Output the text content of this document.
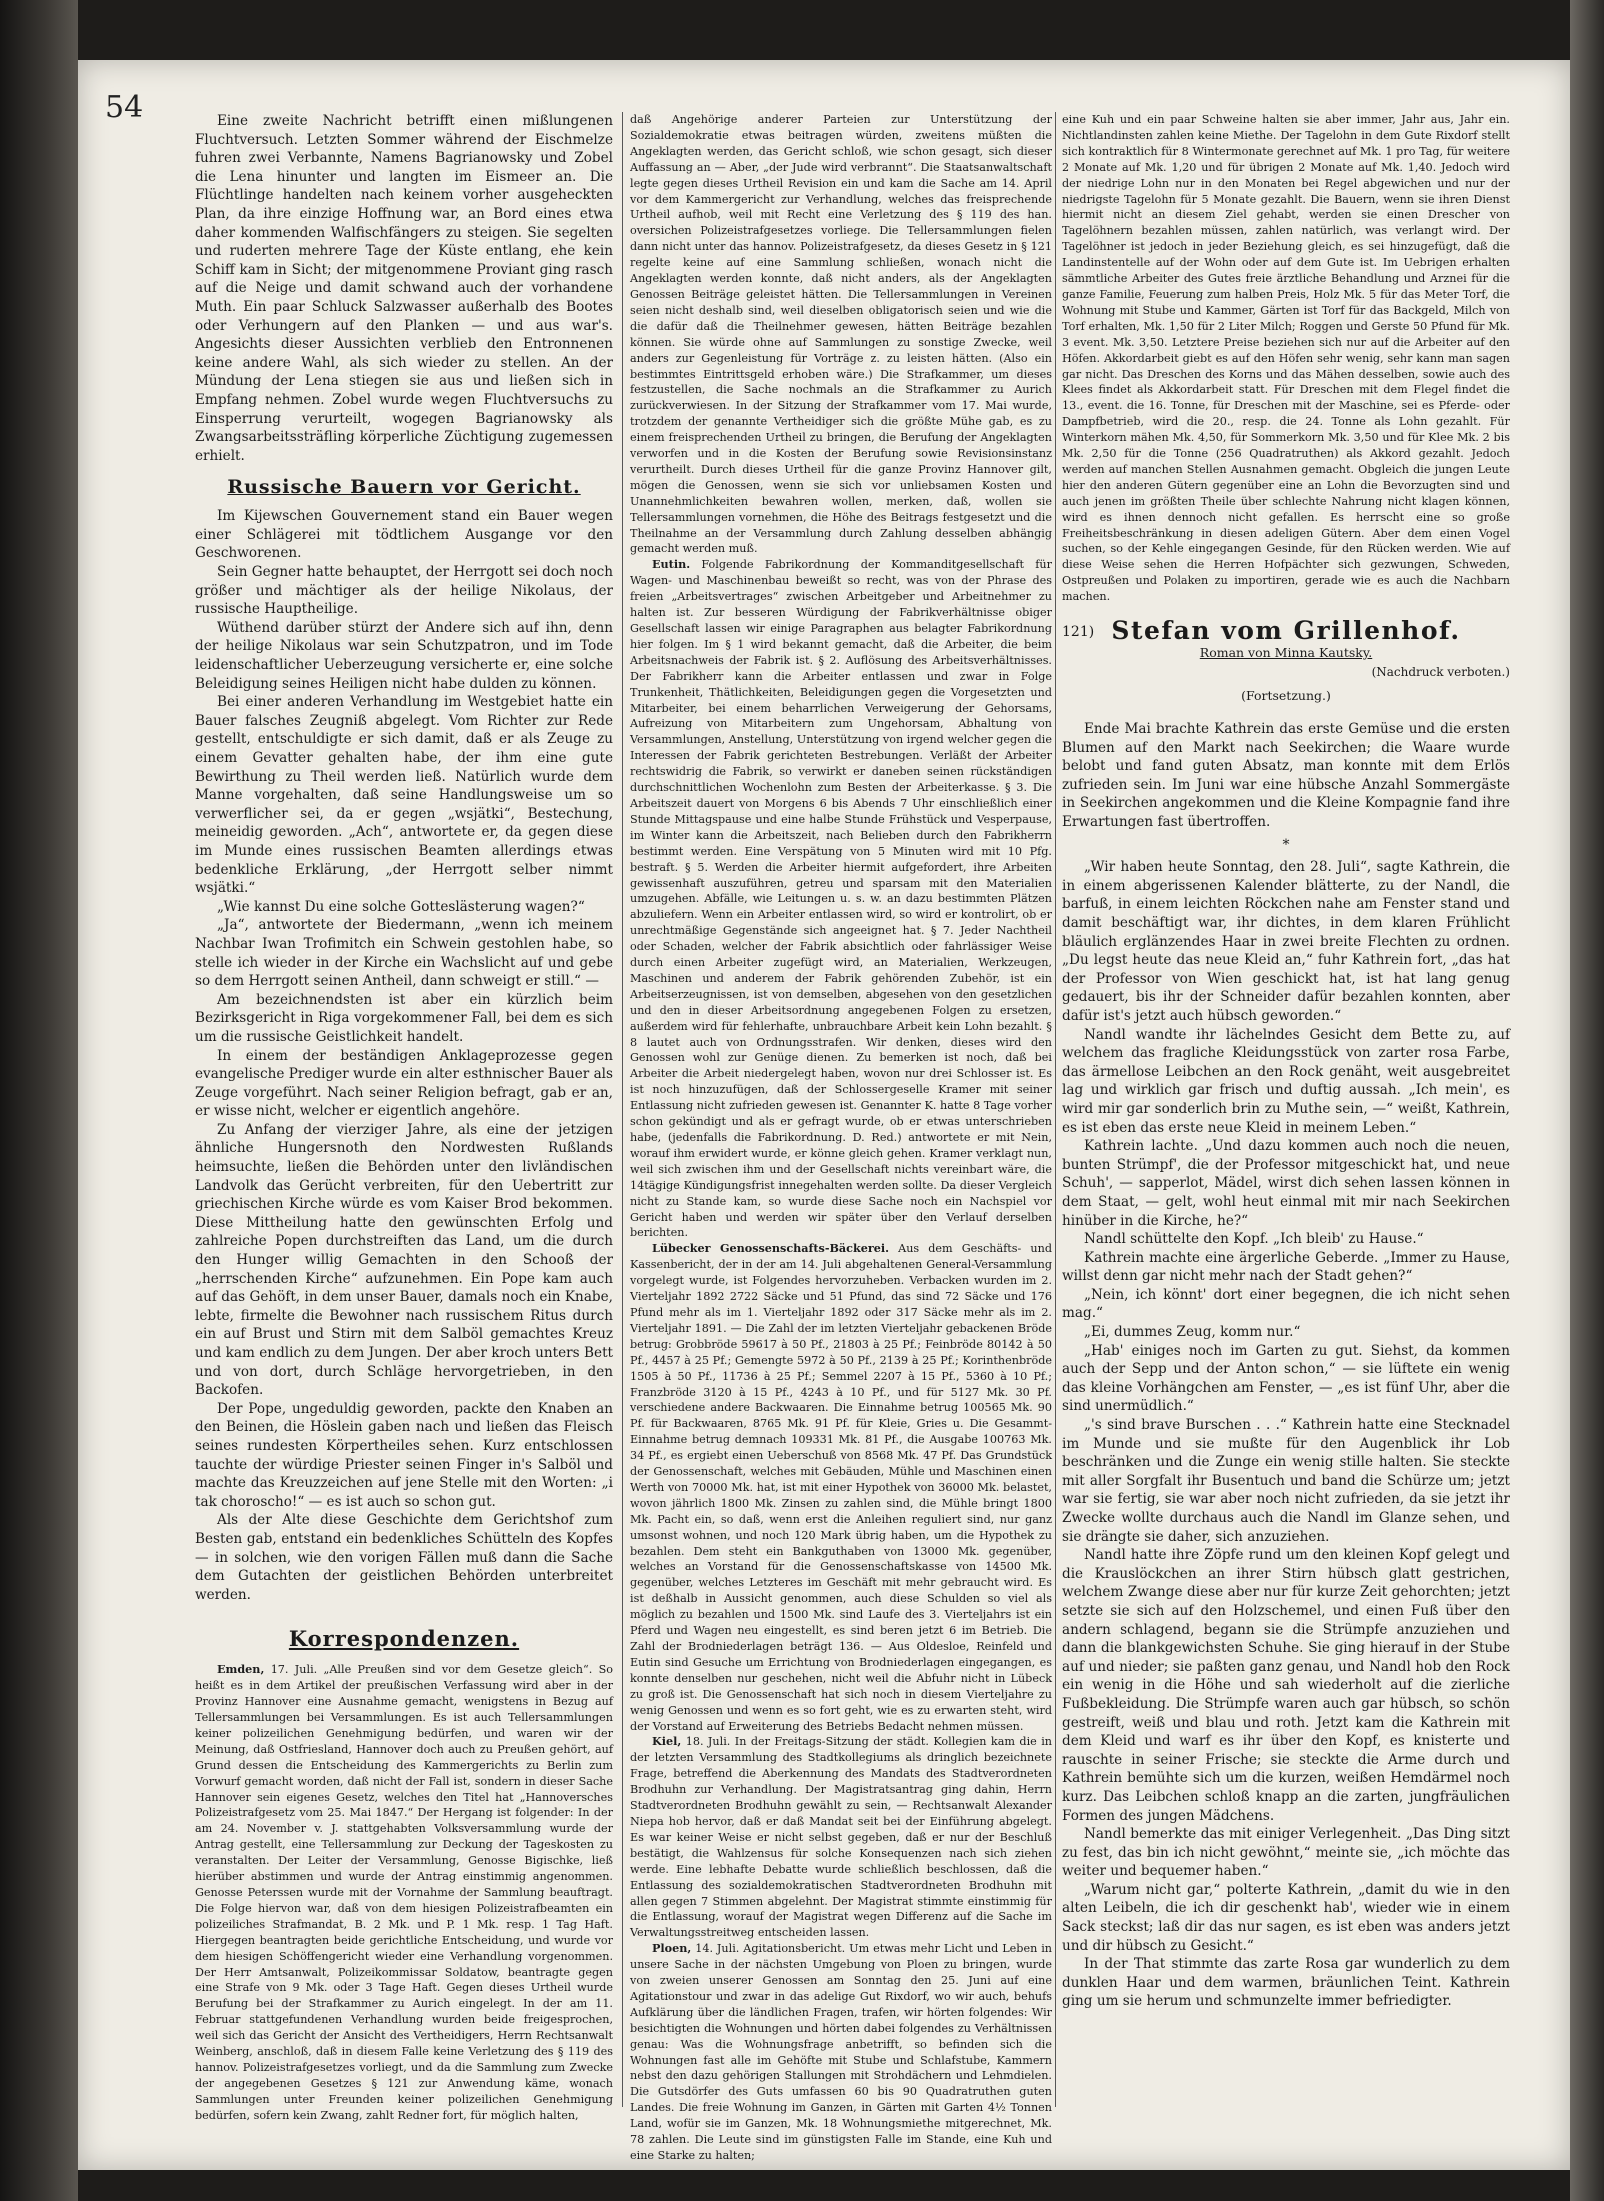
54	Eine zweite Nachricht betrifft einen mißlungenen Fluchtversuch. Letzten Sommer während der Eischmelze fuhren zwei Verbannte, Namens Bagrianowsky und Zobel die Lena hinunter und langten im Eismeer an. Die Flüchtlinge handelten nach keinem vorher ausgeheckten Plan, da ihre einzige Hoffnung war, an Bord eines etwa daher kommenden Walfischfängers zu steigen. Sie segelten und ruderten mehrere Tage der Küste entlang, ehe kein Schiff kam in Sicht; der mitgenommene Proviant ging rasch auf die Neige und damit schwand auch der vorhandene Muth. Ein paar Schluck Salzwasser außerhalb des Bootes oder Verhungern auf den Planken — und aus war's. Angesichts dieser Aussichten verblieb den Entronnenen keine andere Wahl, als sich wieder zu stellen. An der Mündung der Lena stiegen sie aus und ließen sich in Empfang nehmen. Zobel wurde wegen Fluchtversuchs zu Einsperrung verurteilt, wogegen Bagrianowsky als Zwangsarbeitssträfling körperliche Züchtigung zugemessen erhielt.

Russische Bauern vor Gericht.

Im Kijewschen Gouvernement stand ein Bauer wegen einer Schlägerei mit tödtlichem Ausgange vor den Geschworenen.

Sein Gegner hatte behauptet, der Herrgott sei doch noch größer und mächtiger als der heilige Nikolaus, der russische Hauptheilige.

Wüthend darüber stürzt der Andere sich auf ihn, denn der heilige Nikolaus war sein Schutzpatron, und im Tode leidenschaftlicher Ueberzeugung versicherte er, eine solche Beleidigung seines Heiligen nicht habe dulden zu können.

Bei einer anderen Verhandlung im Westgebiet hatte ein Bauer falsches Zeugniß abgelegt. Vom Richter zur Rede gestellt, entschuldigte er sich damit, daß er als Zeuge zu einem Gevatter gehalten habe, der ihm eine gute Bewirthung zu Theil werden ließ. Natürlich wurde dem Manne vorgehalten, daß seine Handlungsweise um so verwerflicher sei, da er gegen „wsjätki“, Bestechung, meineidig geworden. „Ach“, antwortete er, da gegen diese im Munde eines russischen Beamten allerdings etwas bedenkliche Erklärung, „der Herrgott selber nimmt wsjätki.“

„Wie kannst Du eine solche Gotteslästerung wagen?“

„Ja“, antwortete der Biedermann, „wenn ich meinem Nachbar Iwan Trofimitch ein Schwein gestohlen habe, so stelle ich wieder in der Kirche ein Wachslicht auf und gebe so dem Herrgott seinen Antheil, dann schweigt er still.“ —

Am bezeichnendsten ist aber ein kürzlich beim Bezirksgericht in Riga vorgekommener Fall, bei dem es sich um die russische Geistlichkeit handelt.

In einem der beständigen Anklageprozesse gegen evangelische Prediger wurde ein alter esthnischer Bauer als Zeuge vorgeführt. Nach seiner Religion befragt, gab er an, er wisse nicht, welcher er eigentlich angehöre.

Zu Anfang der vierziger Jahre, als eine der jetzigen ähnliche Hungersnoth den Nordwesten Rußlands heimsuchte, ließen die Behörden unter den livländischen Landvolk das Gerücht verbreiten, für den Uebertritt zur griechischen Kirche würde es vom Kaiser Brod bekommen. Diese Mittheilung hatte den gewünschten Erfolg und zahlreiche Popen durchstreiften das Land, um die durch den Hunger willig Gemachten in den Schooß der „herrschenden Kirche“ aufzunehmen. Ein Pope kam auch auf das Gehöft, in dem unser Bauer, damals noch ein Knabe, lebte, firmelte die Bewohner nach russischem Ritus durch ein auf Brust und Stirn mit dem Salböl gemachtes Kreuz und kam endlich zu dem Jungen. Der aber kroch unters Bett und von dort, durch Schläge hervorgetrieben, in den Backofen.

Der Pope, ungeduldig geworden, packte den Knaben an den Beinen, die Höslein gaben nach und ließen das Fleisch seines rundesten Körpertheiles sehen. Kurz entschlossen tauchte der würdige Priester seinen Finger in's Salböl und machte das Kreuzzeichen auf jene Stelle mit den Worten: „i tak choroscho!“ — es ist auch so schon gut.

Als der Alte diese Geschichte dem Gerichtshof zum Besten gab, entstand ein bedenkliches Schütteln des Kopfes — in solchen, wie den vorigen Fällen muß dann die Sache dem Gutachten der geistlichen Behörden unterbreitet werden.

Korrespondenzen.

Emden, 17. Juli. „Alle Preußen sind vor dem Gesetze gleich“. So heißt es in dem Artikel der preußischen Verfassung wird aber in der Provinz Hannover eine Ausnahme gemacht, wenigstens in Bezug auf Tellersammlungen bei Versammlungen. Es ist auch Tellersammlungen keiner polizeilichen Genehmigung bedürfen, und waren wir der Meinung, daß Ostfriesland, Hannover doch auch zu Preußen gehört, auf Grund dessen die Entscheidung des Kammergerichts zu Berlin zum Vorwurf gemacht worden, daß nicht der Fall ist, sondern in dieser Sache Hannover sein eigenes Gesetz, welches den Titel hat „Hannoversches Polizeistrafgesetz vom 25. Mai 1847.“ Der Hergang ist folgender: In der am 24. November v. J. stattgehabten Volksversammlung wurde der Antrag gestellt, eine Tellersammlung zur Deckung der Tageskosten zu veranstalten. Der Leiter der Versammlung, Genosse Bigischke, ließ hierüber abstimmen und wurde der Antrag einstimmig angenommen. Genosse Peterssen wurde mit der Vornahme der Sammlung beauftragt. Die Folge hiervon war, daß von dem hiesigen Polizeistrafbeamten ein polizeiliches Strafmandat, B. 2 Mk. und P. 1 Mk. resp. 1 Tag Haft. Hiergegen beantragten beide gerichtliche Entscheidung, und wurde vor dem hiesigen Schöffengericht wieder eine Verhandlung vorgenommen. Der Herr Amtsanwalt, Polizeikommissar Soldatow, beantragte gegen eine Strafe von 9 Mk. oder 3 Tage Haft. Gegen dieses Urtheil wurde Berufung bei der Strafkammer zu Aurich eingelegt. In der am 11. Februar stattgefundenen Verhandlung wurden beide freigesprochen, weil sich das Gericht der Ansicht des Vertheidigers, Herrn Rechtsanwalt Weinberg, anschloß, daß in diesem Falle keine Verletzung des § 119 des hannov. Polizeistrafgesetzes vorliegt, und da die Sammlung zum Zwecke der angegebenen Gesetzes § 121 zur Anwendung käme, wonach Sammlungen unter Freunden keiner polizeilichen Genehmigung bedürfen, sofern kein Zwang, zahlt Redner fort, für möglich halten,

daß Angehörige anderer Parteien zur Unterstützung der Sozialdemokratie etwas beitragen würden, zweitens müßten die Angeklagten werden, das Gericht schloß, wie schon gesagt, sich dieser Auffassung an — Aber, „der Jude wird verbrannt“. Die Staatsanwaltschaft legte gegen dieses Urtheil Revision ein und kam die Sache am 14. April vor dem Kammergericht zur Verhandlung, welches das freisprechende Urtheil aufhob, weil mit Recht eine Verletzung des § 119 des han. oversichen Polizeistrafgesetzes vorliege. Die Tellersammlungen fielen dann nicht unter das hannov. Polizeistrafgesetz, da dieses Gesetz in § 121 regelte keine auf eine Sammlung schließen, wonach nicht die Angeklagten werden konnte, daß nicht anders, als der Angeklagten Genossen Beiträge geleistet hätten. Die Tellersammlungen in Vereinen seien nicht deshalb sind, weil dieselben obligatorisch seien und wie die die dafür daß die Theilnehmer gewesen, hätten Beiträge bezahlen können. Sie würde ohne auf Sammlungen zu sonstige Zwecke, weil anders zur Gegenleistung für Vorträge z. zu leisten hätten. (Also ein bestimmtes Eintrittsgeld erhoben wäre.) Die Strafkammer, um dieses festzustellen, die Sache nochmals an die Strafkammer zu Aurich zurückverwiesen. In der Sitzung der Strafkammer vom 17. Mai wurde, trotzdem der genannte Vertheidiger sich die größte Mühe gab, es zu einem freisprechenden Urtheil zu bringen, die Berufung der Angeklagten verworfen und in die Kosten der Berufung sowie Revisionsinstanz verurtheilt. Durch dieses Urtheil für die ganze Provinz Hannover gilt, mögen die Genossen, wenn sie sich vor unliebsamen Kosten und Unannehmlichkeiten bewahren wollen, merken, daß, wollen sie Tellersammlungen vornehmen, die Höhe des Beitrags festgesetzt und die Theilnahme an der Versammlung durch Zahlung desselben abhängig gemacht werden muß.

Eutin. Folgende Fabrikordnung der Kommanditgesellschaft für Wagen- und Maschinenbau beweißt so recht, was von der Phrase des freien „Arbeitsvertrages“ zwischen Arbeitgeber und Arbeitnehmer zu halten ist. Zur besseren Würdigung der Fabrikverhältnisse obiger Gesellschaft lassen wir einige Paragraphen aus belagter Fabrikordnung hier folgen. Im § 1 wird bekannt gemacht, daß die Arbeiter, die beim Arbeitsnachweis der Fabrik ist. § 2. Auflösung des Arbeitsverhältnisses. Der Fabrikherr kann die Arbeiter entlassen und zwar in Folge Trunkenheit, Thätlichkeiten, Beleidigungen gegen die Vorgesetzten und Mitarbeiter, bei einem beharrlichen Verweigerung der Gehorsams, Aufreizung von Mitarbeitern zum Ungehorsam, Abhaltung von Versammlungen, Anstellung, Unterstützung von irgend welcher gegen die Interessen der Fabrik gerichteten Bestrebungen. Verläßt der Arbeiter rechtswidrig die Fabrik, so verwirkt er daneben seinen rückständigen durchschnittlichen Wochenlohn zum Besten der Arbeiterkasse. § 3. Die Arbeitszeit dauert von Morgens 6 bis Abends 7 Uhr einschließlich einer Stunde Mittagspause und eine halbe Stunde Frühstück und Vesperpause, im Winter kann die Arbeitszeit, nach Belieben durch den Fabrikherrn bestimmt werden. Eine Verspätung von 5 Minuten wird mit 10 Pfg. bestraft. § 5. Werden die Arbeiter hiermit aufgefordert, ihre Arbeiten gewissenhaft auszuführen, getreu und sparsam mit den Materialien umzugehen. Abfälle, wie Leitungen u. s. w. an dazu bestimmten Plätzen abzuliefern. Wenn ein Arbeiter entlassen wird, so wird er kontrolirt, ob er unrechtmäßige Gegenstände sich angeeignet hat. § 7. Jeder Nachtheil oder Schaden, welcher der Fabrik absichtlich oder fahrlässiger Weise durch einen Arbeiter zugefügt wird, an Materialien, Werkzeugen, Maschinen und anderem der Fabrik gehörenden Zubehör, ist ein Arbeitserzeugnissen, ist von demselben, abgesehen von den gesetzlichen und den in dieser Arbeitsordnung angegebenen Folgen zu ersetzen, außerdem wird für fehlerhafte, unbrauchbare Arbeit kein Lohn bezahlt. § 8 lautet auch von Ordnungsstrafen. Wir denken, dieses wird den Genossen wohl zur Genüge dienen. Zu bemerken ist noch, daß bei Arbeiter die Arbeit niedergelegt haben, wovon nur drei Schlosser ist. Es ist noch hinzuzufügen, daß der Schlossergeselle Kramer mit seiner Entlassung nicht zufrieden gewesen ist. Genannter K. hatte 8 Tage vorher schon gekündigt und als er gefragt wurde, ob er etwas unterschrieben habe, (jedenfalls die Fabrikordnung. D. Red.) antwortete er mit Nein, worauf ihm erwidert wurde, er könne gleich gehen. Kramer verklagt nun, weil sich zwischen ihm und der Gesellschaft nichts vereinbart wäre, die 14tägige Kündigungsfrist innegehalten werden sollte. Da dieser Vergleich nicht zu Stande kam, so wurde diese Sache noch ein Nachspiel vor Gericht haben und werden wir später über den Verlauf derselben berichten.

Lübecker Genossenschafts-Bäckerei. Aus dem Geschäfts- und Kassenbericht, der in der am 14. Juli abgehaltenen General-Versammlung vorgelegt wurde, ist Folgendes hervorzuheben. Verbacken wurden im 2. Vierteljahr 1892 2722 Säcke und 51 Pfund, das sind 72 Säcke und 176 Pfund mehr als im 1. Vierteljahr 1892 oder 317 Säcke mehr als im 2. Vierteljahr 1891. — Die Zahl der im letzten Vierteljahr gebackenen Bröde betrug: Grobbröde 59617 à 50 Pf., 21803 à 25 Pf.; Feinbröde 80142 à 50 Pf., 4457 à 25 Pf.; Gemengte 5972 à 50 Pf., 2139 à 25 Pf.; Korinthenbröde 1505 à 50 Pf., 11736 à 25 Pf.; Semmel 2207 à 15 Pf., 5360 à 10 Pf.; Franzbröde 3120 à 15 Pf., 4243 à 10 Pf., und für 5127 Mk. 30 Pf. verschiedene andere Backwaaren. Die Einnahme betrug 100565 Mk. 90 Pf. für Backwaaren, 8765 Mk. 91 Pf. für Kleie, Gries u. Die Gesammt-Einnahme betrug demnach 109331 Mk. 81 Pf., die Ausgabe 100763 Mk. 34 Pf., es ergiebt einen Ueberschuß von 8568 Mk. 47 Pf. Das Grundstück der Genossenschaft, welches mit Gebäuden, Mühle und Maschinen einen Werth von 70000 Mk. hat, ist mit einer Hypothek von 36000 Mk. belastet, wovon jährlich 1800 Mk. Zinsen zu zahlen sind, die Mühle bringt 1800 Mk. Pacht ein, so daß, wenn erst die Anleihen reguliert sind, nur ganz umsonst wohnen, und noch 120 Mark übrig haben, um die Hypothek zu bezahlen. Dem steht ein Bankguthaben von 13000 Mk. gegenüber, welches an Vorstand für die Genossenschaftskasse von 14500 Mk. gegenüber, welches Letzteres im Geschäft mit mehr gebraucht wird. Es ist deßhalb in Aussicht genommen, auch diese Schulden so viel als möglich zu bezahlen und 1500 Mk. sind Laufe des 3. Vierteljahrs ist ein Pferd und Wagen neu eingestellt, es sind beren jetzt 6 im Betrieb. Die Zahl der Brodniederlagen beträgt 136. — Aus Oldesloe, Reinfeld und Eutin sind Gesuche um Errichtung von Brodniederlagen eingegangen, es konnte denselben nur geschehen, nicht weil die Abfuhr nicht in Lübeck zu groß ist. Die Genossenschaft hat sich noch in diesem Vierteljahre zu wenig Genossen und wenn es so fort geht, wie es zu erwarten steht, wird der Vorstand auf Erweiterung des Betriebs Bedacht nehmen müssen.

Kiel, 18. Juli. In der Freitags-Sitzung der städt. Kollegien kam die in der letzten Versammlung des Stadtkollegiums als dringlich bezeichnete Frage, betreffend die Aberkennung des Mandats des Stadtverordneten Brodhuhn zur Verhandlung. Der Magistratsantrag ging dahin, Herrn Stadtverordneten Brodhuhn gewählt zu sein, — Rechtsanwalt Alexander Niepa hob hervor, daß er daß Mandat seit bei der Einführung abgelegt. Es war keiner Weise er nicht selbst gegeben, daß er nur der Beschluß bestätigt, die Wahlzensus für solche Konsequenzen nach sich ziehen werde. Eine lebhafte Debatte wurde schließlich beschlossen, daß die Entlassung des sozialdemokratischen Stadtverordneten Brodhuhn mit allen gegen 7 Stimmen abgelehnt. Der Magistrat stimmte einstimmig für die Entlassung, worauf der Magistrat wegen Differenz auf die Sache im Verwaltungsstreitweg entscheiden lassen.

Ploen, 14. Juli. Agitationsbericht. Um etwas mehr Licht und Leben in unsere Sache in der nächsten Umgebung von Ploen zu bringen, wurde von zweien unserer Genossen am Sonntag den 25. Juni auf eine Agitationstour und zwar in das adelige Gut Rixdorf, wo wir auch, behufs Aufklärung über die ländlichen Fragen, trafen, wir hörten folgendes: Wir besichtigten die Wohnungen und hörten dabei folgendes zu Verhältnissen genau: Was die Wohnungsfrage anbetrifft, so befinden sich die Wohnungen fast alle im Gehöfte mit Stube und Schlafstube, Kammern nebst den dazu gehörigen Stallungen mit Strohdächern und Lehmdielen. Die Gutsdörfer des Guts umfassen 60 bis 90 Quadratruthen guten Landes. Die freie Wohnung im Ganzen, in Gärten mit Garten 4½ Tonnen Land, wofür sie im Ganzen, Mk. 18 Wohnungsmiethe mitgerechnet, Mk. 78 zahlen. Die Leute sind im günstigsten Falle im Stande, eine Kuh und eine Starke zu halten;

eine Kuh und ein paar Schweine halten sie aber immer, Jahr aus, Jahr ein. Nichtlandinsten zahlen keine Miethe. Der Tagelohn in dem Gute Rixdorf stellt sich kontraktlich für 8 Wintermonate gerechnet auf Mk. 1 pro Tag, für weitere 2 Monate auf Mk. 1,20 und für übrigen 2 Monate auf Mk. 1,40. Jedoch wird der niedrige Lohn nur in den Monaten bei Regel abgewichen und nur der niedrigste Tagelohn für 5 Monate gezahlt. Die Bauern, wenn sie ihren Dienst hiermit nicht an diesem Ziel gehabt, werden sie einen Drescher von Tagelöhnern bezahlen müssen, zahlen natürlich, was verlangt wird. Der Tagelöhner ist jedoch in jeder Beziehung gleich, es sei hinzugefügt, daß die Landinstentelle auf der Wohn oder auf dem Gute ist. Im Uebrigen erhalten sämmtliche Arbeiter des Gutes freie ärztliche Behandlung und Arznei für die ganze Familie, Feuerung zum halben Preis, Holz Mk. 5 für das Meter Torf, die Wohnung mit Stube und Kammer, Gärten ist Torf für das Backgeld, Milch von Torf erhalten, Mk. 1,50 für 2 Liter Milch; Roggen und Gerste 50 Pfund für Mk. 3 event. Mk. 3,50. Letztere Preise beziehen sich nur auf die Arbeiter auf den Höfen. Akkordarbeit giebt es auf den Höfen sehr wenig, sehr kann man sagen gar nicht. Das Dreschen des Korns und das Mähen desselben, sowie auch des Klees findet als Akkordarbeit statt. Für Dreschen mit dem Flegel findet die 13., event. die 16. Tonne, für Dreschen mit der Maschine, sei es Pferde- oder Dampfbetrieb, wird die 20., resp. die 24. Tonne als Lohn gezahlt. Für Winterkorn mähen Mk. 4,50, für Sommerkorn Mk. 3,50 und für Klee Mk. 2 bis Mk. 2,50 für die Tonne (256 Quadratruthen) als Akkord gezahlt. Jedoch werden auf manchen Stellen Ausnahmen gemacht. Obgleich die jungen Leute hier den anderen Gütern gegenüber eine an Lohn die Bevorzugten sind und auch jenen im größten Theile über schlechte Nahrung nicht klagen können, wird es ihnen dennoch nicht gefallen. Es herrscht eine so große Freiheitsbeschränkung in diesen adeligen Gütern. Aber dem einen Vogel suchen, so der Kehle eingegangen Gesinde, für den Rücken werden. Wie auf diese Weise sehen die Herren Hofpächter sich gezwungen, Schweden, Ostpreußen und Polaken zu importiren, gerade wie es auch die Nachbarn machen.

121) Stefan vom Grillenhof.
Roman von Minna Kautsky.
(Nachdruck verboten.)
(Fortsetzung.)

Ende Mai brachte Kathrein das erste Gemüse und die ersten Blumen auf den Markt nach Seekirchen; die Waare wurde belobt und fand guten Absatz, man konnte mit dem Erlös zufrieden sein. Im Juni war eine hübsche Anzahl Sommergäste in Seekirchen angekommen und die Kleine Kompagnie fand ihre Erwartungen fast übertroffen.

*

„Wir haben heute Sonntag, den 28. Juli“, sagte Kathrein, die in einem abgerissenen Kalender blätterte, zu der Nandl, die barfuß, in einem leichten Röckchen nahe am Fenster stand und damit beschäftigt war, ihr dichtes, in dem klaren Frühlicht bläulich erglänzendes Haar in zwei breite Flechten zu ordnen. „Du legst heute das neue Kleid an,“ fuhr Kathrein fort, „das hat der Professor von Wien geschickt hat, ist hat lang genug gedauert, bis ihr der Schneider dafür bezahlen konnten, aber dafür ist's jetzt auch hübsch geworden.“

Nandl wandte ihr lächelndes Gesicht dem Bette zu, auf welchem das fragliche Kleidungsstück von zarter rosa Farbe, das ärmellose Leibchen an den Rock genäht, weit ausgebreitet lag und wirklich gar frisch und duftig aussah. „Ich mein', es wird mir gar sonderlich brin zu Muthe sein, —“ weißt, Kathrein, es ist eben das erste neue Kleid in meinem Leben.“

Kathrein lachte. „Und dazu kommen auch noch die neuen, bunten Strümpf', die der Professor mitgeschickt hat, und neue Schuh', — sapperlot, Mädel, wirst dich sehen lassen können in dem Staat, — gelt, wohl heut einmal mit mir nach Seekirchen hinüber in die Kirche, he?“

Nandl schüttelte den Kopf. „Ich bleib' zu Hause.“

Kathrein machte eine ärgerliche Geberde. „Immer zu Hause, willst denn gar nicht mehr nach der Stadt gehen?“

„Nein, ich könnt' dort einer begegnen, die ich nicht sehen mag.“

„Ei, dummes Zeug, komm nur.“

„Hab' einiges noch im Garten zu gut. Siehst, da kommen auch der Sepp und der Anton schon,“ — sie lüftete ein wenig das kleine Vorhängchen am Fenster, — „es ist fünf Uhr, aber die sind unermüdlich.“

„'s sind brave Burschen . . .“ Kathrein hatte eine Stecknadel im Munde und sie mußte für den Augenblick ihr Lob beschränken und die Zunge ein wenig stille halten. Sie steckte mit aller Sorgfalt ihr Busentuch und band die Schürze um; jetzt war sie fertig, sie war aber noch nicht zufrieden, da sie jetzt ihr Zwecke wollte durchaus auch die Nandl im Glanze sehen, und sie drängte sie daher, sich anzuziehen.

Nandl hatte ihre Zöpfe rund um den kleinen Kopf gelegt und die Krauslöckchen an ihrer Stirn hübsch glatt gestrichen, welchem Zwange diese aber nur für kurze Zeit gehorchten; jetzt setzte sie sich auf den Holzschemel, und einen Fuß über den andern schlagend, begann sie die Strümpfe anzuziehen und dann die blankgewichsten Schuhe. Sie ging hierauf in der Stube auf und nieder; sie paßten ganz genau, und Nandl hob den Rock ein wenig in die Höhe und sah wiederholt auf die zierliche Fußbekleidung. Die Strümpfe waren auch gar hübsch, so schön gestreift, weiß und blau und roth. Jetzt kam die Kathrein mit dem Kleid und warf es ihr über den Kopf, es knisterte und rauschte in seiner Frische; sie steckte die Arme durch und Kathrein bemühte sich um die kurzen, weißen Hemdärmel noch kurz. Das Leibchen schloß knapp an die zarten, jungfräulichen Formen des jungen Mädchens.

Nandl bemerkte das mit einiger Verlegenheit. „Das Ding sitzt zu fest, das bin ich nicht gewöhnt,“ meinte sie, „ich möchte das weiter und bequemer haben.“

„Warum nicht gar,“ polterte Kathrein, „damit du wie in den alten Leibeln, die ich dir geschenkt hab', wieder wie in einem Sack steckst; laß dir das nur sagen, es ist eben was anders jetzt und dir hübsch zu Gesicht.“

In der That stimmte das zarte Rosa gar wunderlich zu dem dunklen Haar und dem warmen, bräunlichen Teint. Kathrein ging um sie herum und schmunzelte immer befriedigter.
